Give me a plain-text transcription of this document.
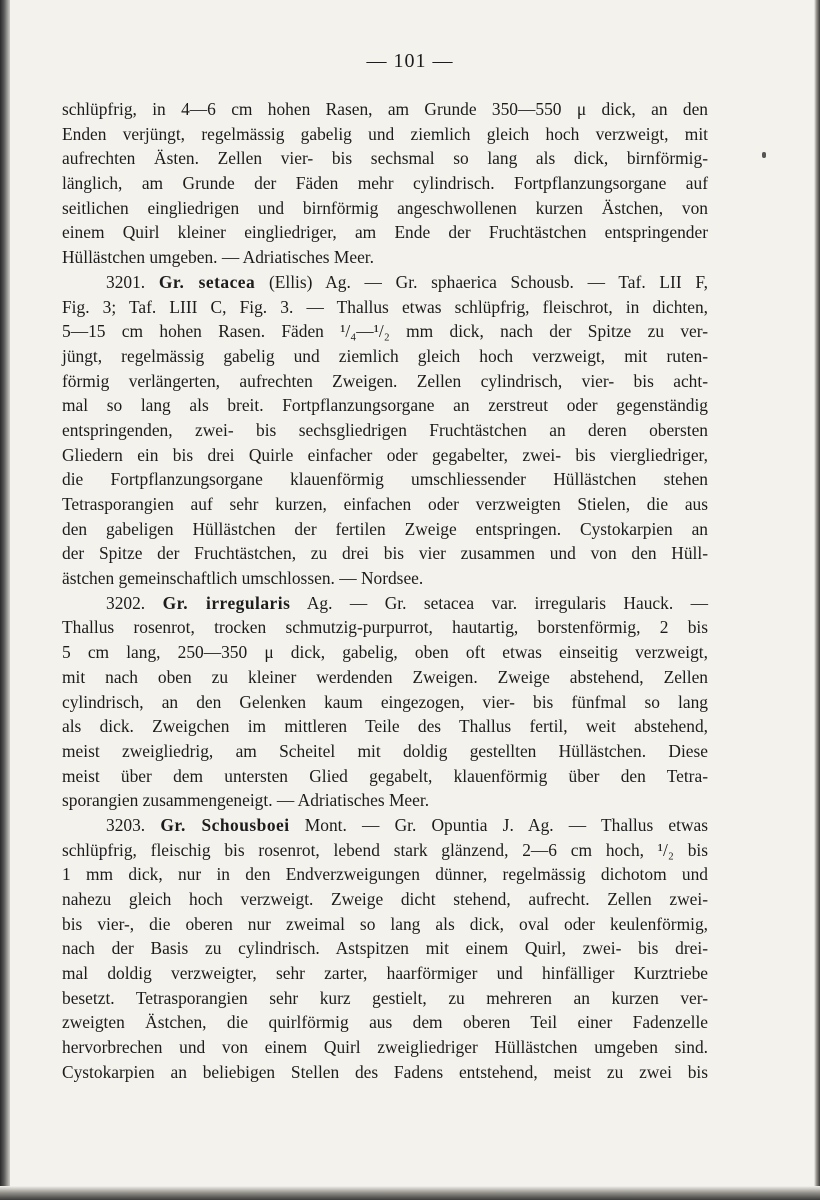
— 101 —
schlüpfrig, in 4—6 cm hohen Rasen, am Grunde 350—550 μ dick, an den
Enden verjüngt, regelmässig gabelig und ziemlich gleich hoch verzweigt, mit
aufrechten Ästen. Zellen vier- bis sechsmal so lang als dick, birnförmig-
länglich, am Grunde der Fäden mehr cylindrisch. Fortpflanzungsorgane auf
seitlichen eingliedrigen und birnförmig angeschwollenen kurzen Ästchen, von
einem Quirl kleiner eingliedriger, am Ende der Fruchtästchen entspringender
Hüllästchen umgeben. — Adriatisches Meer.
3201. Gr. setacea (Ellis) Ag. — Gr. sphaerica Schousb. — Taf. LII F,
Fig. 3; Taf. LIII C, Fig. 3. — Thallus etwas schlüpfrig, fleischrot, in dichten,
5—15 cm hohen Rasen. Fäden ¹/₄—¹/₂ mm dick, nach der Spitze zu ver-
jüngt, regelmässig gabelig und ziemlich gleich hoch verzweigt, mit ruten-
förmig verlängerten, aufrechten Zweigen. Zellen cylindrisch, vier- bis acht-
mal so lang als breit. Fortpflanzungsorgane an zerstreut oder gegenständig
entspringenden, zwei- bis sechsgliedrigen Fruchtästchen an deren obersten
Gliedern ein bis drei Quirle einfacher oder gegabelter, zwei- bis viergliedriger,
die Fortpflanzungsorgane klauenförmig umschliessender Hüllästchen stehen
Tetrasporangien auf sehr kurzen, einfachen oder verzweigten Stielen, die aus
den gabeligen Hüllästchen der fertilen Zweige entspringen. Cystokarpien an
der Spitze der Fruchtästchen, zu drei bis vier zusammen und von den Hüll-
ästchen gemeinschaftlich umschlossen. — Nordsee.
3202. Gr. irregularis Ag. — Gr. setacea var. irregularis Hauck. —
Thallus rosenrot, trocken schmutzig-purpurrot, hautartig, borstenförmig, 2 bis
5 cm lang, 250—350 μ dick, gabelig, oben oft etwas einseitig verzweigt,
mit nach oben zu kleiner werdenden Zweigen. Zweige abstehend, Zellen
cylindrisch, an den Gelenken kaum eingezogen, vier- bis fünfmal so lang
als dick. Zweigchen im mittleren Teile des Thallus fertil, weit abstehend,
meist zweigliedrig, am Scheitel mit doldig gestellten Hüllästchen. Diese
meist über dem untersten Glied gegabelt, klauenförmig über den Tetra-
sporangien zusammengeneigt. — Adriatisches Meer.
3203. Gr. Schousboei Mont. — Gr. Opuntia J. Ag. — Thallus etwas
schlüpfrig, fleischig bis rosenrot, lebend stark glänzend, 2—6 cm hoch, ¹/₂ bis
1 mm dick, nur in den Endverzweigungen dünner, regelmässig dichotom und
nahezu gleich hoch verzweigt. Zweige dicht stehend, aufrecht. Zellen zwei-
bis vier-, die oberen nur zweimal so lang als dick, oval oder keulenförmig,
nach der Basis zu cylindrisch. Astspitzen mit einem Quirl, zwei- bis drei-
mal doldig verzweigter, sehr zarter, haarförmiger und hinfälliger Kurztriebe
besetzt. Tetrasporangien sehr kurz gestielt, zu mehreren an kurzen ver-
zweigten Ästchen, die quirlförmig aus dem oberen Teil einer Fadenzelle
hervorbrechen und von einem Quirl zweigliedriger Hüllästchen umgeben sind.
Cystokarpien an beliebigen Stellen des Fadens entstehend, meist zu zwei bis
